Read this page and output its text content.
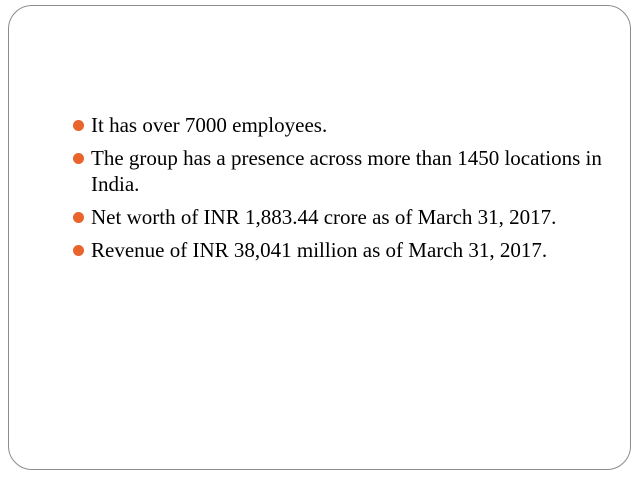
It has over 7000 employees.
The group has a presence across more than 1450 locations in India.
Net worth of INR 1,883.44 crore as of March 31, 2017.
Revenue of INR 38,041 million as of March 31, 2017.
